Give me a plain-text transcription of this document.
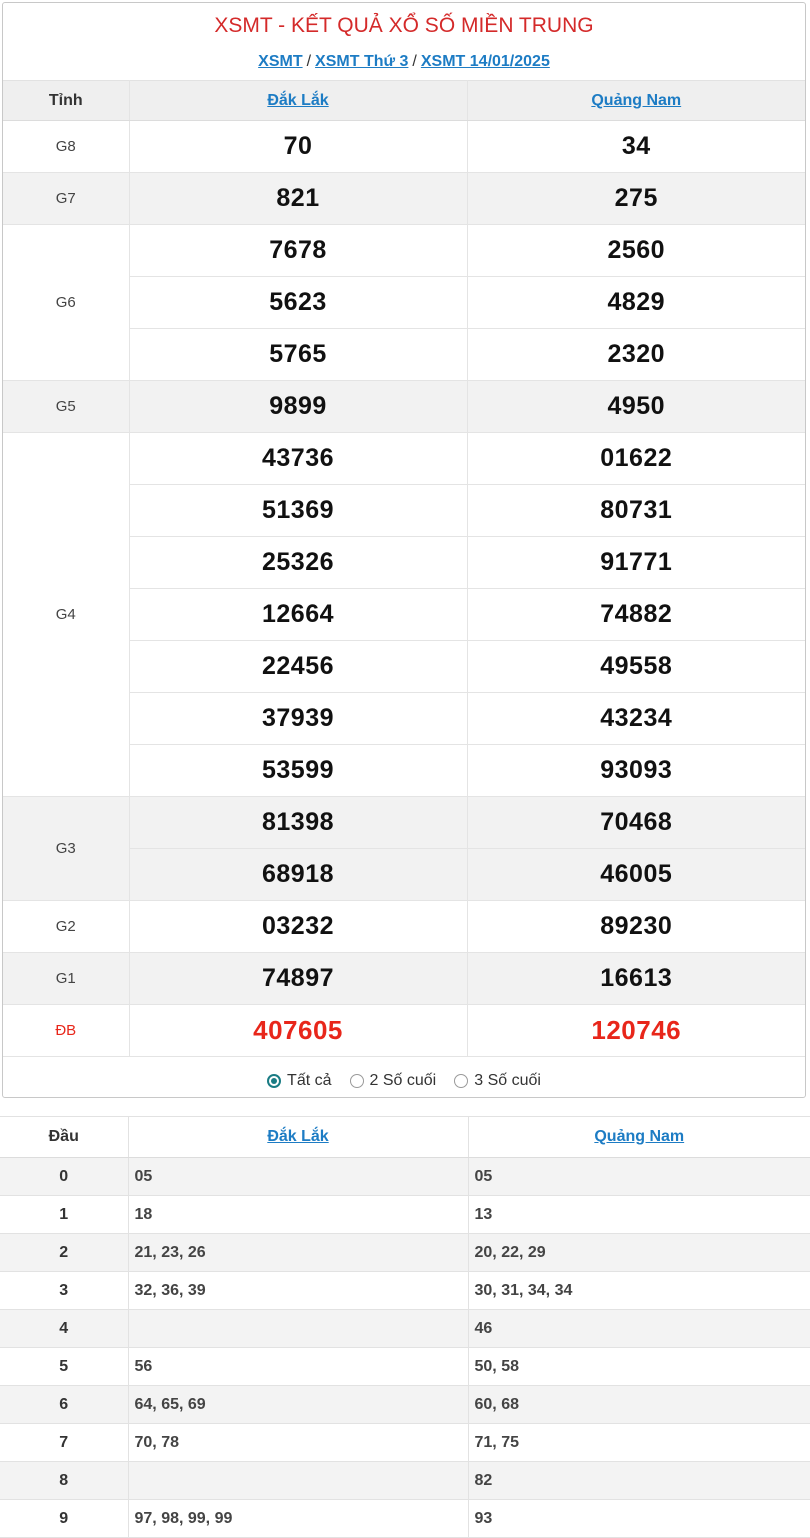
XSMT - KẾT QUẢ XỔ SỐ MIỀN TRUNG
XSMT / XSMT Thứ 3 / XSMT 14/01/2025
Tỉnh	Đắk Lắk	Quảng Nam
G8	70	34
G7	821	275
G6	7678	2560
	5623	4829
	5765	2320
G5	9899	4950
G4	43736	01622
	51369	80731
	25326	91771
	12664	74882
	22456	49558
	37939	43234
	53599	93093
G3	81398	70468
	68918	46005
G2	03232	89230
G1	74897	16613
ĐB	407605	120746
Tất cả 2 Số cuối 3 Số cuối
Đầu	Đắk Lắk	Quảng Nam
0	05	05
1	18	13
2	21, 23, 26	20, 22, 29
3	32, 36, 39	30, 31, 34, 34
4		46
5	56	50, 58
6	64, 65, 69	60, 68
7	70, 78	71, 75
8		82
9	97, 98, 99, 99	93
